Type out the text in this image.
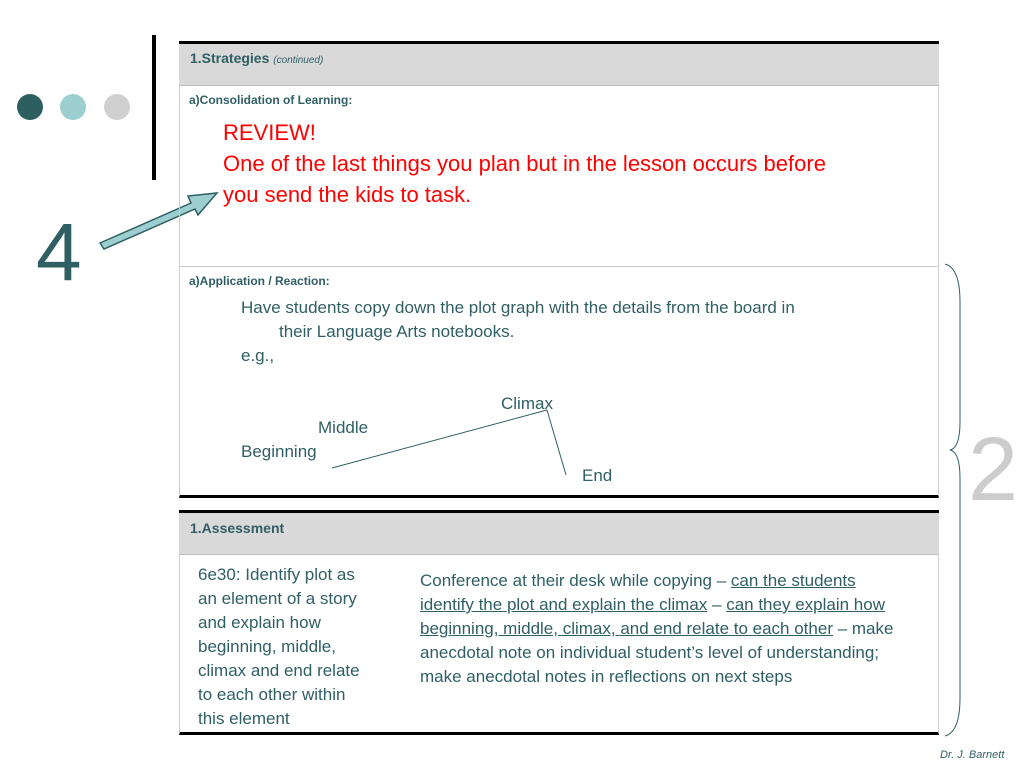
4
1.Strategies (continued)
a)Consolidation of Learning:
REVIEW!
One of the last things you plan but in the lesson occurs before
you send the kids to task.
a)Application / Reaction:
Have students copy down the plot graph with the details from the board in
their Language Arts notebooks.
e.g.,
Climax
Middle
Beginning
End
1.Assessment
6e30: Identify plot as
an element of a story
and explain how
beginning, middle,
climax and end relate
to each other within
this element
Conference at their desk while copying – can the students identify the plot and explain the climax – can they explain how beginning, middle, climax, and end relate to each other – make anecdotal note on individual student’s level of understanding; make anecdotal notes in reflections on next steps
2
Dr. J. Barnett
